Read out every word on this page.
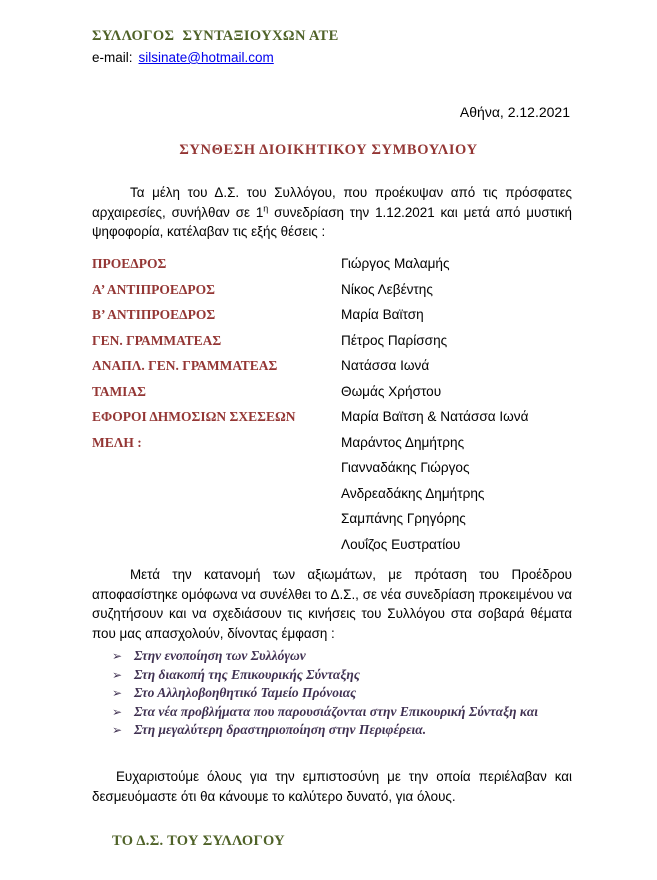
ΣΥΛΛΟΓΟΣ  ΣΥΝΤΑΞΙΟΥΧΩΝ ΑΤΕ
e-mail: silsinate@hotmail.com
Αθήνα, 2.12.2021
ΣΥΝΘΕΣΗ ΔΙΟΙΚΗΤΙΚΟΥ ΣΥΜΒΟΥΛΙΟΥ
Τα μέλη του Δ.Σ. του Συλλόγου, που προέκυψαν από τις πρόσφατες αρχαιρεσίες, συνήλθαν σε $1^\eta$ συνεδρίαση την 1.12.2021 και μετά από μυστική ψηφοφορία, κατέλαβαν τις εξής θέσεις :
ΠΡΟΕΔΡΟΣ	Γιώργος Μαλαμής
Α’ ΑΝΤΙΠΡΟΕΔΡΟΣ	Νίκος Λεβέντης
Β’ ΑΝΤΙΠΡΟΕΔΡΟΣ	Μαρία Βαϊτση
ΓΕΝ. ΓΡΑΜΜΑΤΕΑΣ	Πέτρος Παρίσσης
ΑΝΑΠΛ. ΓΕΝ. ΓΡΑΜΜΑΤΕΑΣ	Νατάσσα Ιωνά
ΤΑΜΙΑΣ	Θωμάς Χρήστου
ΕΦΟΡΟΙ ΔΗΜΟΣΙΩΝ ΣΧΕΣΕΩΝ	Μαρία Βαϊτση & Νατάσσα Ιωνά
ΜΕΛΗ :	Μαράντος Δημήτρης
Γιανναδάκης Γιώργος
Ανδρεαδάκης Δημήτρης
Σαμπάνης Γρηγόρης
Λουΐζος Ευστρατίου
Μετά την κατανομή των αξιωμάτων, με πρόταση του Προέδρου αποφασίστηκε ομόφωνα να συνέλθει το Δ.Σ., σε νέα συνεδρίαση προκειμένου να συζητήσουν και να σχεδιάσουν τις κινήσεις του Συλλόγου στα σοβαρά θέματα που μας απασχολούν, δίνοντας έμφαση :
➢ Στην ενοποίηση των Συλλόγων
➢ Στη διακοπή της Επικουρικής Σύνταξης
➢ Στο Αλληλοβοηθητικό Ταμείο Πρόνοιας
➢ Στα νέα προβλήματα που παρουσιάζονται στην Επικουρική Σύνταξη και
➢ Στη μεγαλύτερη δραστηριοποίηση στην Περιφέρεια.
Ευχαριστούμε όλους για την εμπιστοσύνη με την οποία περιέλαβαν και δεσμευόμαστε ότι θα κάνουμε το καλύτερο δυνατό, για όλους.
ΤΟ Δ.Σ. ΤΟΥ ΣΥΛΛΟΓΟΥ
